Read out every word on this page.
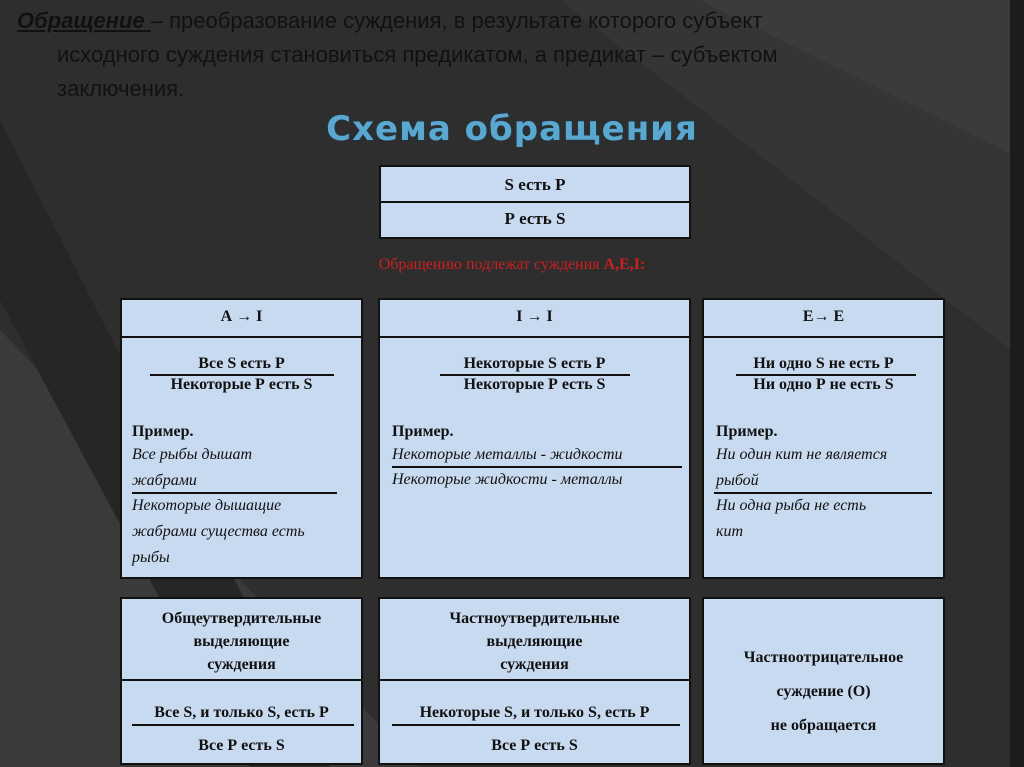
Обращение – преобразование суждения, в результате которого субъект
исходного суждения становиться предикатом, а предикат – субъектом
заключения.
Схема обращения
S есть Р
Р есть S
Обращению подлежат суждения A,E,I:
А → I
Все S есть Р
Некоторые Р есть S
Пример.
Все рыбы дышат
жабрами
Некоторые дышащие
жабрами существа есть
рыбы
I → I
Некоторые S есть Р
Некоторые Р есть S
Пример.
Некоторые металлы - жидкости
Некоторые жидкости - металлы
Е→ Е
Ни одно S не есть Р
Ни одно Р не есть S
Пример.
Ни один кит не является
рыбой
Ни одна рыба не есть
кит
Общеутвердительные
выделяющие
суждения
Все S, и только S, есть Р
Все Р есть S
Частноутвердительные
выделяющие
суждения
Некоторые S, и только S, есть Р
Все Р есть S
Частноотрицательное
суждение (О)
не обращается
